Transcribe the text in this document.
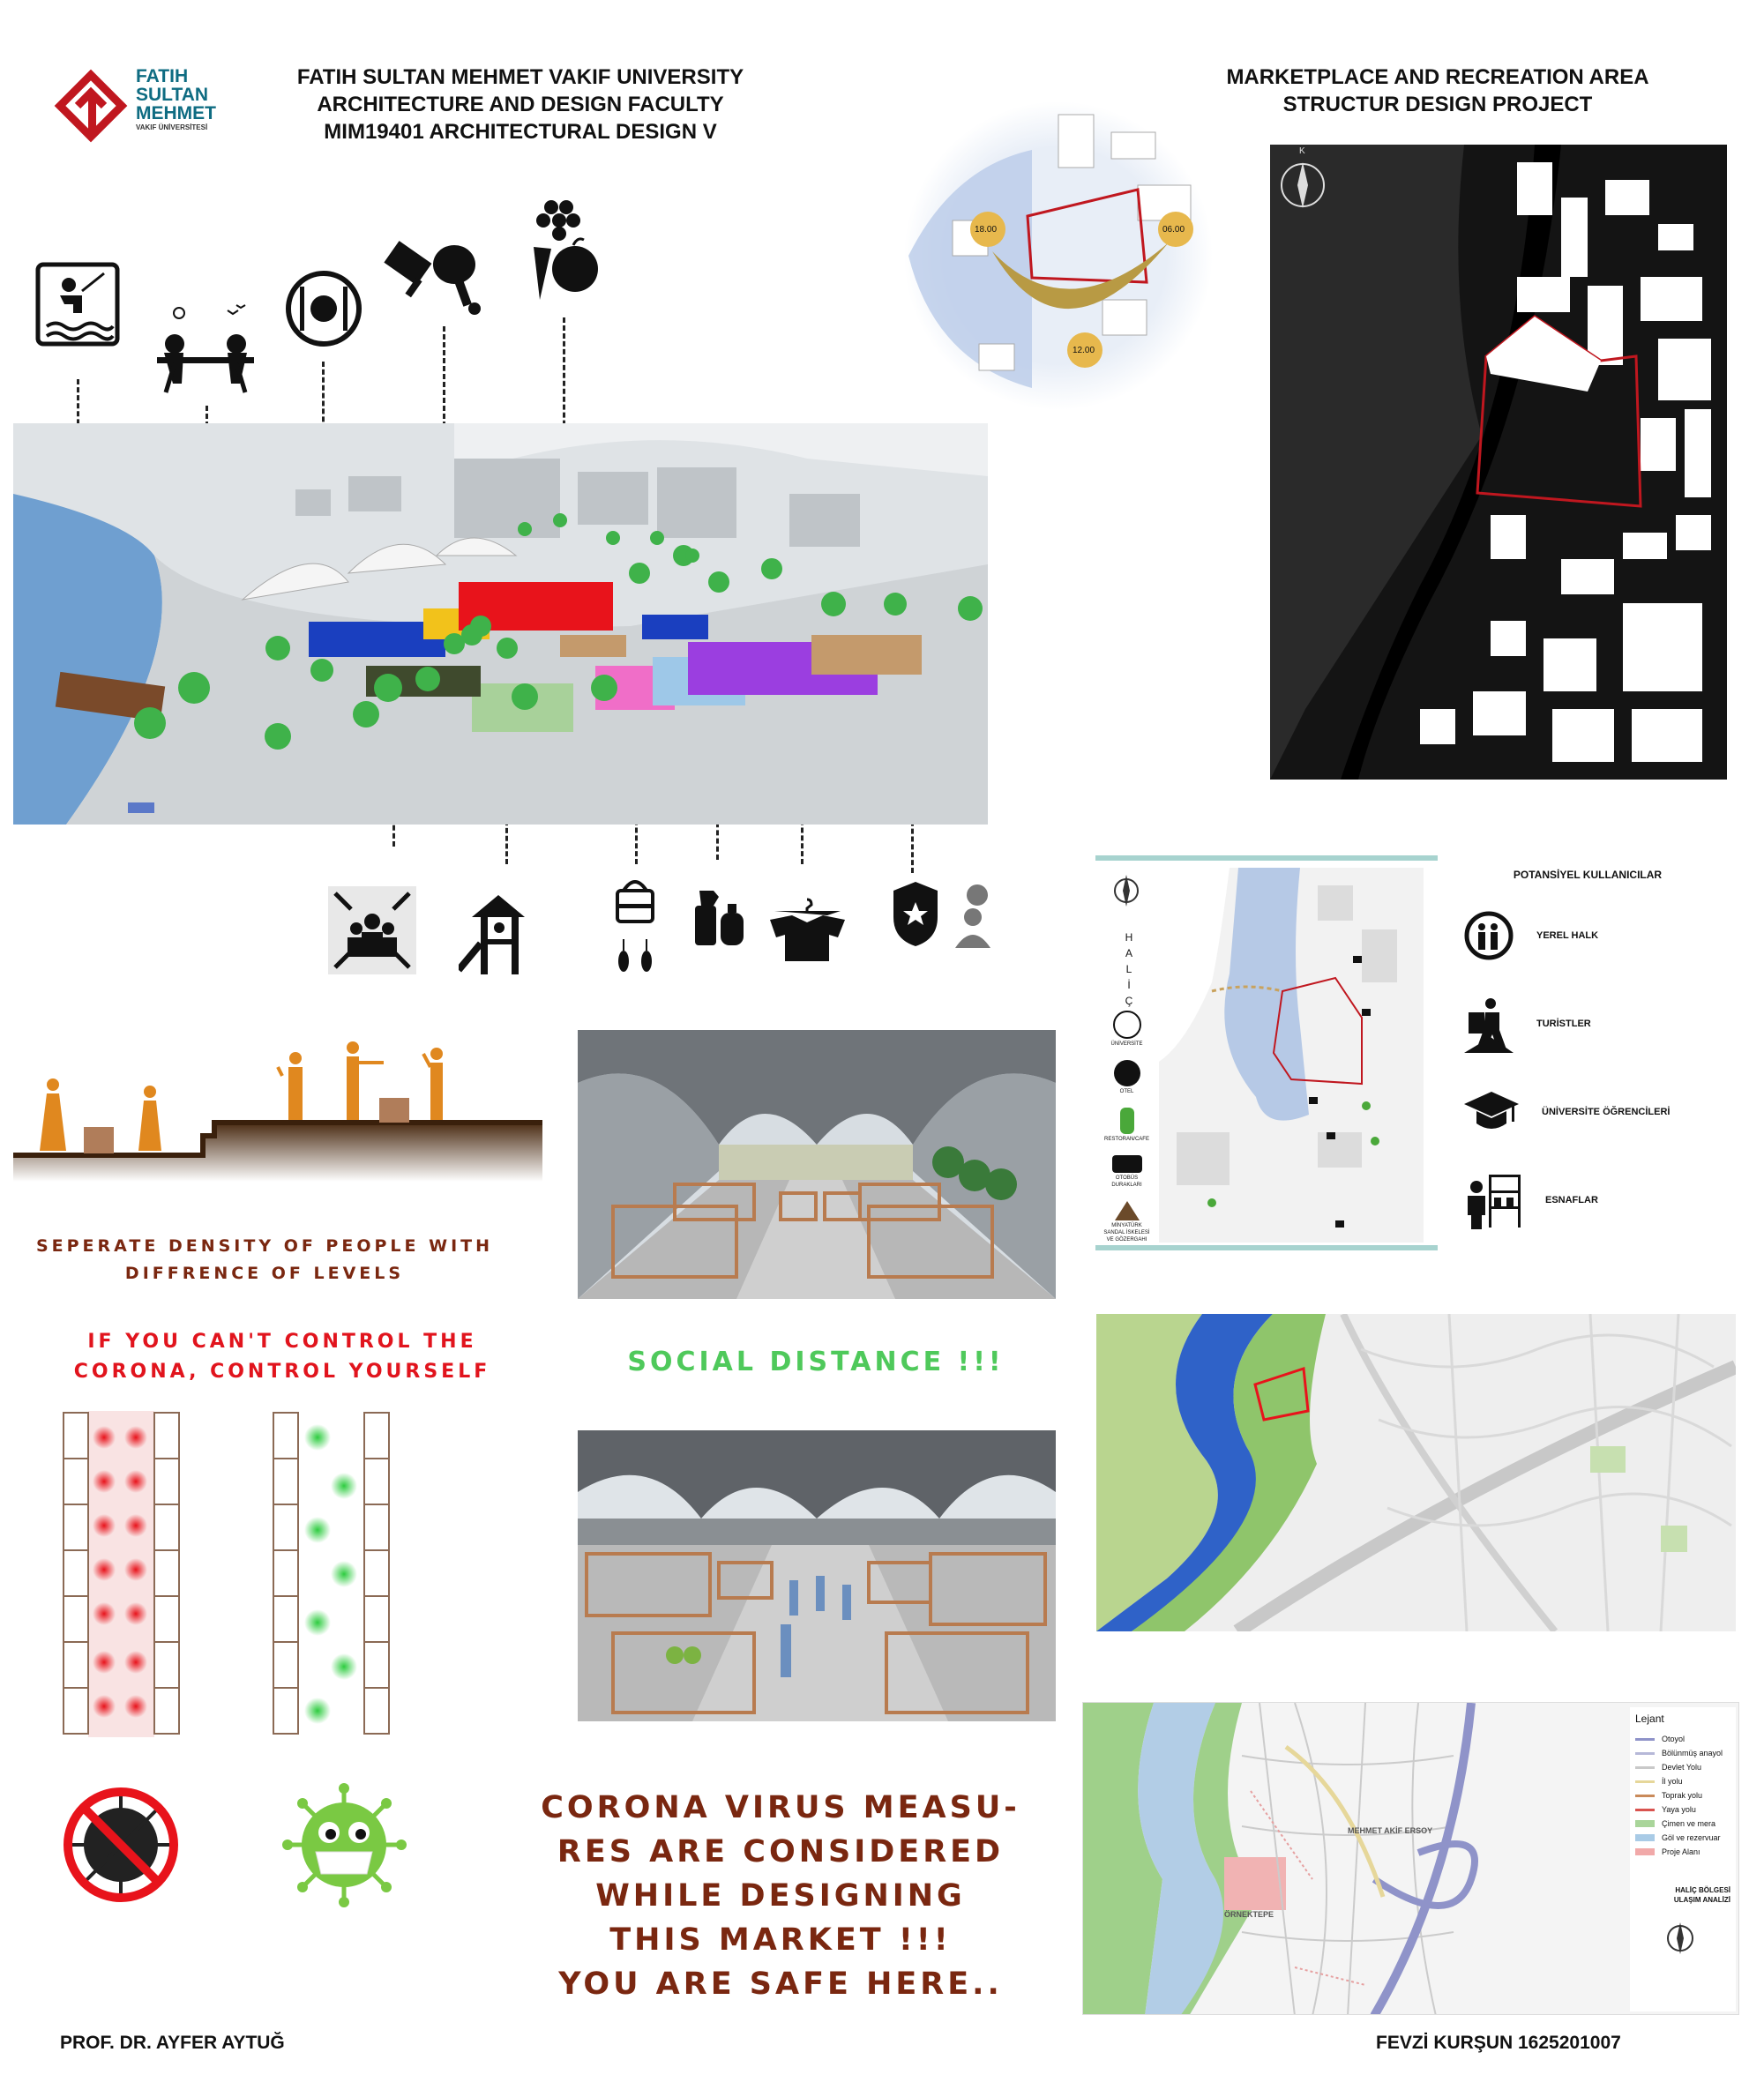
FATIH
SULTAN
MEHMET
VAKIF ÜNİVERSİTESİ
FATIH SULTAN MEHMET VAKIF UNIVERSITY
ARCHITECTURE AND DESIGN FACULTY
MIM19401 ARCHITECTURAL DESIGN V
MARKETPLACE AND RECREATION AREA
STRUCTUR DESIGN PROJECT
18.00	06.00
12.00
K
H
A
L
İ
Ç
ÜNİVERSİTE
OTEL
RESTORAN/CAFE
OTOBÜS DURAKLARI
MİNYATÜRK SANDAL İSKELESİ VE GÖZERGAHI
POTANSİYEL KULLANICILAR
YEREL HALK
TURİSTLER
ÜNİVERSİTE ÖĞRENCİLERİ
ESNAFLAR
SEPERATE DENSITY OF PEOPLE WITH
DIFFRENCE OF LEVELS
IF YOU CAN'T CONTROL THE
CORONA, CONTROL YOURSELF	SOCIAL DISTANCE !!!
CORONA VIRUS MEASU-
RES ARE CONSIDERED
WHILE DESIGNING
THIS MARKET !!!
YOU ARE SAFE HERE..
MEHMET AKİF ERSOY
ÖRNEKTEPE
Lejant
Otoyol
Bölünmüş anayol
Devlet Yolu
İl yolu
Toprak yolu
Yaya yolu
Çimen ve mera
Göl ve rezervuar
Proje Alanı
HALİÇ BÖLGESİ
ULAŞIM ANALİZİ
PROF. DR. AYFER AYTUĞ	FEVZİ KURŞUN 1625201007
